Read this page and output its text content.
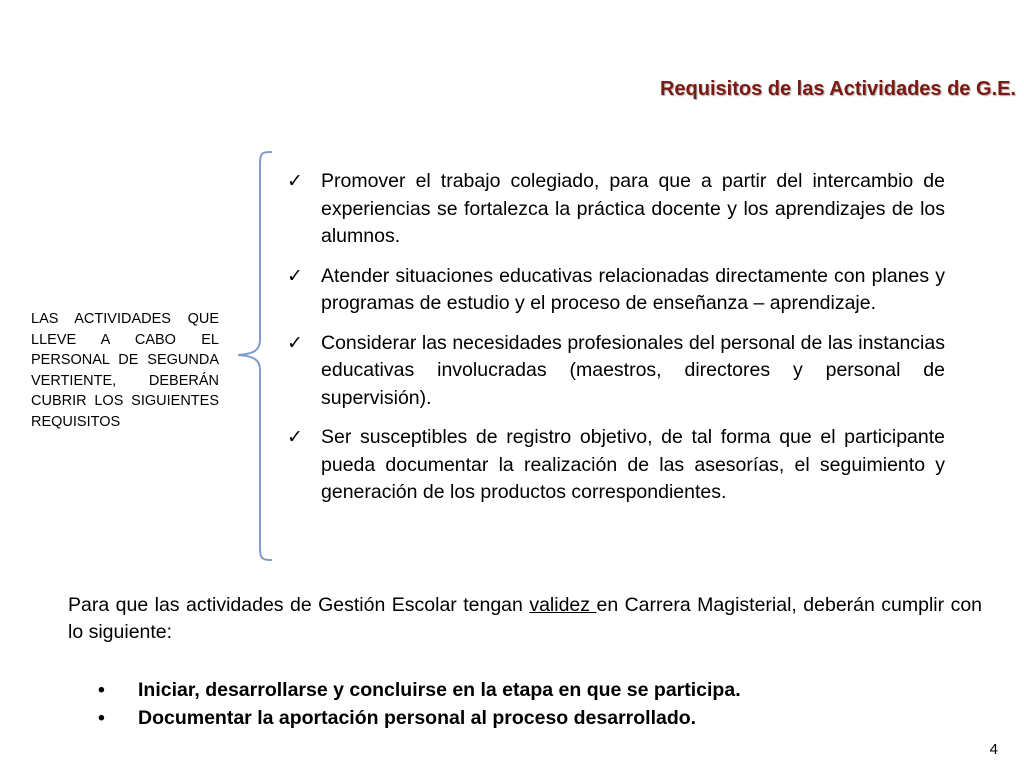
Requisitos de las Actividades de G.E.
LAS ACTIVIDADES QUE LLEVE A CABO EL PERSONAL DE SEGUNDA VERTIENTE, DEBERÁN CUBRIR LOS SIGUIENTES REQUISITOS
✓ Promover el trabajo colegiado, para que a partir del intercambio de experiencias se fortalezca la práctica docente y los aprendizajes de los alumnos.
✓ Atender situaciones educativas relacionadas directamente con planes y programas de estudio y el proceso de enseñanza – aprendizaje.
✓ Considerar las necesidades profesionales del personal de las instancias educativas involucradas (maestros, directores y personal de supervisión).
✓ Ser susceptibles de registro objetivo, de tal forma que el participante pueda documentar la realización de las asesorías, el seguimiento y generación de los productos correspondientes.

Para que las actividades de Gestión Escolar tengan validez en Carrera Magisterial, deberán cumplir con lo siguiente:

• Iniciar, desarrollarse y concluirse en la etapa en que se participa.
• Documentar la aportación personal al proceso desarrollado.
4
